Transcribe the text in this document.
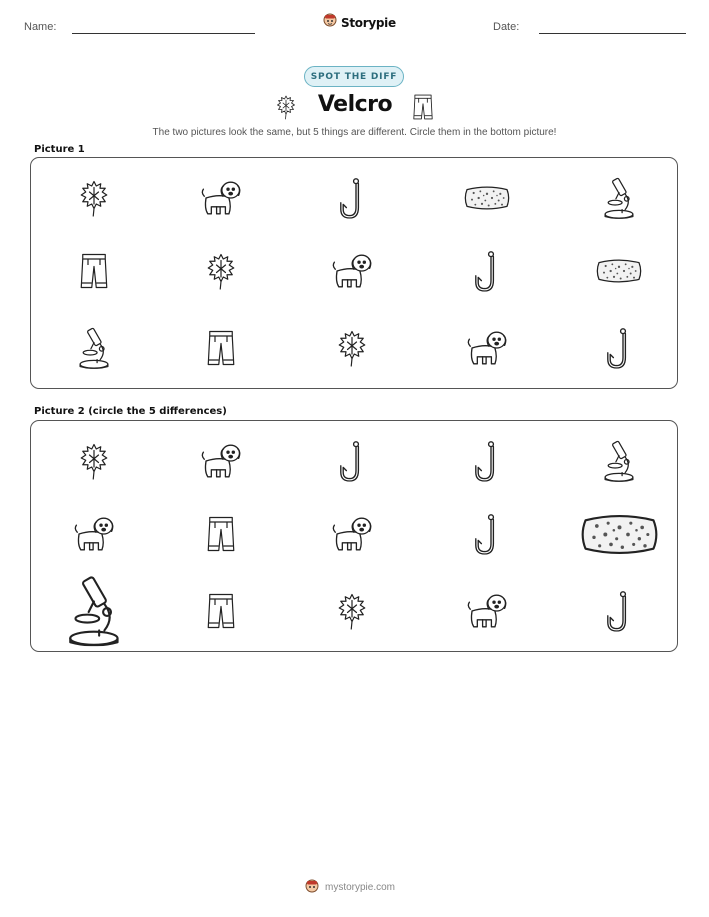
Name:	Storypie	Date:
SPOT THE DIFF
Velcro
The two pictures look the same, but 5 things are different. Circle them in the bottom picture!
Picture 1
Picture 2 (circle the 5 differences)
mystorypie.com
